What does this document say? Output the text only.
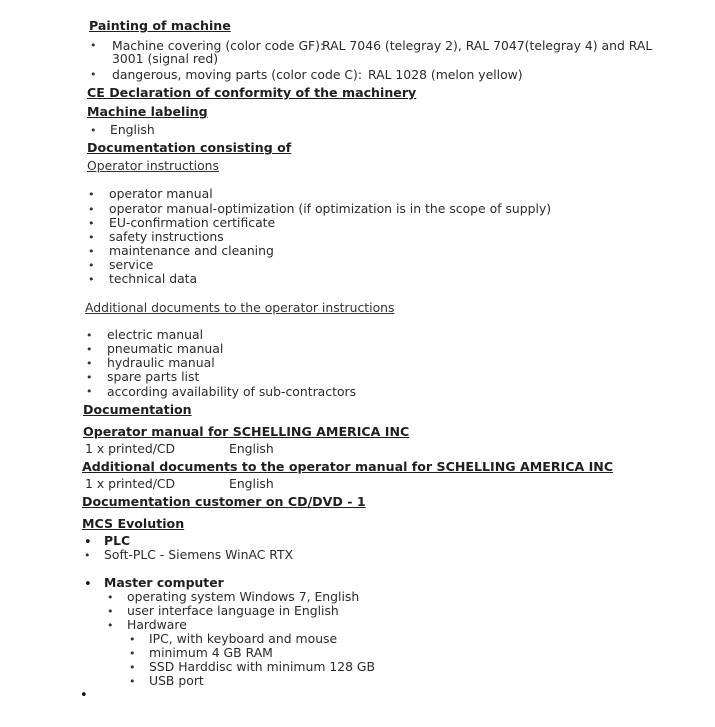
Painting of machine
• Machine covering (color code GF):
RAL 7046 (telegray 2), RAL 7047(telegray 4) and RAL
3001 (signal red)
• dangerous, moving parts (color code C): RAL 1028 (melon yellow)
CE Declaration of conformity of the machinery
Machine labeling
• English
Documentation consisting of
Operator instructions
• operator manual
• operator manual-optimization (if optimization is in the scope of supply)
• EU-confirmation certificate
• safety instructions
• maintenance and cleaning
• service
• technical data
Additional documents to the operator instructions
• electric manual
• pneumatic manual
• hydraulic manual
• spare parts list
• according availability of sub-contractors
Documentation
Operator manual for SCHELLING AMERICA INC
1 x printed/CD	English
Additional documents to the operator manual for SCHELLING AMERICA INC
1 x printed/CD	English
Documentation customer on CD/DVD - 1
MCS Evolution
• PLC
• Soft-PLC - Siemens WinAC RTX
• Master computer
• operating system Windows 7, English
• user interface language in English
• Hardware
• IPC, with keyboard and mouse
• minimum 4 GB RAM
• SSD Harddisc with minimum 128 GB
• USB port
•
